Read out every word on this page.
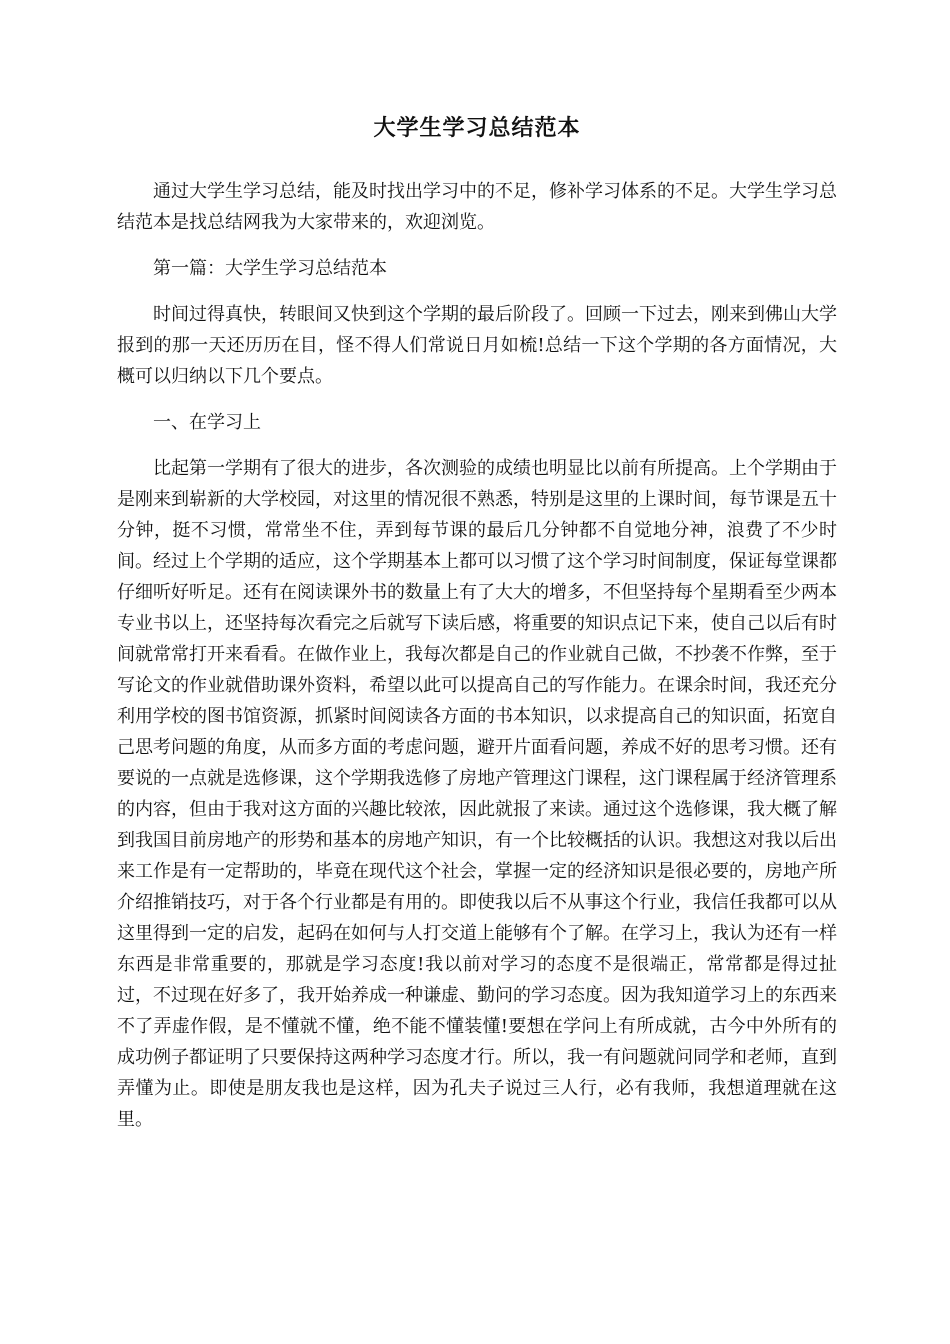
大学生学习总结范本

通过大学生学习总结，能及时找出学习中的不足，修补学习体系的不足。大学生学习总结范本是找总结网我为大家带来的，欢迎浏览。

第一篇：大学生学习总结范本

时间过得真快，转眼间又快到这个学期的最后阶段了。回顾一下过去，刚来到佛山大学报到的那一天还历历在目，怪不得人们常说日月如梳!总结一下这个学期的各方面情况，大概可以归纳以下几个要点。

一、在学习上

比起第一学期有了很大的进步，各次测验的成绩也明显比以前有所提高。上个学期由于是刚来到崭新的大学校园，对这里的情况很不熟悉，特别是这里的上课时间，每节课是五十分钟，挺不习惯，常常坐不住，弄到每节课的最后几分钟都不自觉地分神，浪费了不少时间。经过上个学期的适应，这个学期基本上都可以习惯了这个学习时间制度，保证每堂课都仔细听好听足。还有在阅读课外书的数量上有了大大的增多，不但坚持每个星期看至少两本专业书以上，还坚持每次看完之后就写下读后感，将重要的知识点记下来，使自己以后有时间就常常打开来看看。在做作业上，我每次都是自己的作业就自己做，不抄袭不作弊，至于写论文的作业就借助课外资料，希望以此可以提高自己的写作能力。在课余时间，我还充分利用学校的图书馆资源，抓紧时间阅读各方面的书本知识，以求提高自己的知识面，拓宽自己思考问题的角度，从而多方面的考虑问题，避开片面看问题，养成不好的思考习惯。还有要说的一点就是选修课，这个学期我选修了房地产管理这门课程，这门课程属于经济管理系的内容，但由于我对这方面的兴趣比较浓，因此就报了来读。通过这个选修课，我大概了解到我国目前房地产的形势和基本的房地产知识，有一个比较概括的认识。我想这对我以后出来工作是有一定帮助的，毕竟在现代这个社会，掌握一定的经济知识是很必要的，房地产所介绍推销技巧，对于各个行业都是有用的。即使我以后不从事这个行业，我信任我都可以从这里得到一定的启发，起码在如何与人打交道上能够有个了解。在学习上，我认为还有一样东西是非常重要的，那就是学习态度!我以前对学习的态度不是很端正，常常都是得过扯过，不过现在好多了，我开始养成一种谦虚、勤问的学习态度。因为我知道学习上的东西来不了弄虚作假，是不懂就不懂，绝不能不懂装懂!要想在学问上有所成就，古今中外所有的成功例子都证明了只要保持这两种学习态度才行。所以，我一有问题就问同学和老师，直到弄懂为止。即使是朋友我也是这样，因为孔夫子说过三人行，必有我师，我想道理就在这里。
